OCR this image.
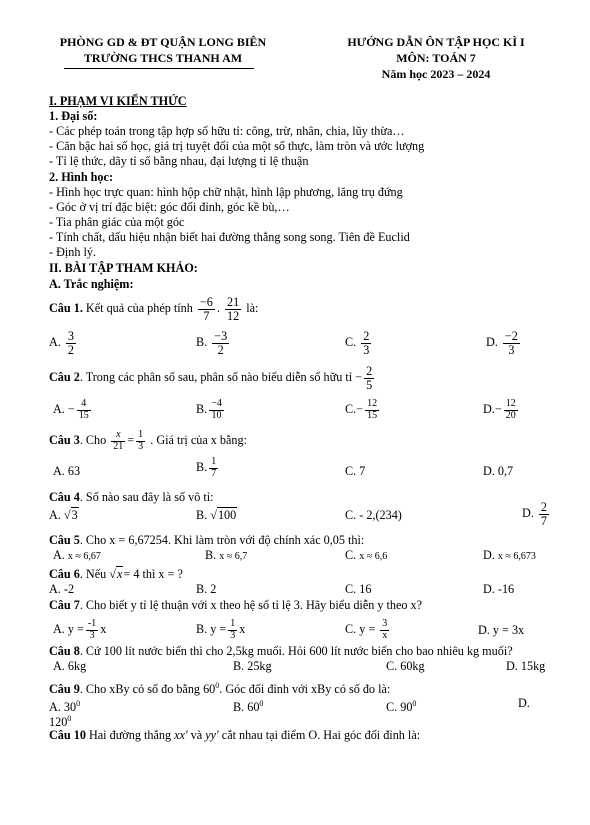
PHÒNG GD & ĐT QUẬN LONG BIÊN
TRƯỜNG THCS THANH AM
HƯỚNG DẪN ÔN TẬP HỌC KÌ I
MÔN: TOÁN 7
Năm học 2023 – 2024
I. PHẠM VI KIẾN THỨC
1. Đại số:
- Các phép toán trong tập hợp số hữu tỉ: công, trừ, nhân, chia, lũy thừa…
- Căn bậc hai số học, giá trị tuyệt đối của một số thực, làm tròn và ước lượng
- Tỉ lệ thức, dãy tỉ số bằng nhau, đại lượng tỉ lệ thuận
2. Hình học:
- Hình học trực quan: hình hộp chữ nhật, hình lập phương, lăng trụ đứng
- Góc ở vị trí đặc biệt: góc đối đỉnh, góc kề bù,…
- Tia phân giác của một góc
- Tính chất, dấu hiệu nhận biết hai đường thẳng song song. Tiên đề Euclid
- Định lý.
II. BÀI TẬP THAM KHẢO:
A. Trắc nghiệm:
Câu 1. Kết quả của phép tính $\frac{-6}{7}$ . $\frac{21}{12}$ là:
A. $\frac{3}{2}$	B. $\frac{-3}{2}$	C. $\frac{2}{3}$	D. $\frac{-2}{3}$
Câu 2. Trong các phân số sau, phân số nào biểu diễn số hữu tỉ − $\frac{2}{5}$
A. − $\frac{4}{15}$	B. $\frac{-4}{10}$	$C.- \frac{12}{15}$	$D.- \frac{12}{20}$
Câu 3. Cho $\frac{x}{21} = \frac{1}{3}$ . Giá trị của x bằng:
A. 63	B. $\frac{1}{7}$	C. 7	D. 0,7
Câu 4. Số nào sau đây là số vô tỉ:
A. √3	B. √100	C. - 2,(234)	D. $\frac{2}{7}$
Câu 5. Cho x = 6,67254. Khi làm tròn với độ chính xác 0,05 thì:
A. x ≈ 6,67	B. x ≈ 6,7	C. x ≈ 6,6	D. x ≈ 6,673
Câu 6. Nếu √x= 4 thì x = ?
A. -2	B. 2	C. 16	D. -16
Câu 7. Cho biết y tỉ lệ thuận với x theo hệ số tỉ lệ 3. Hãy biểu diễn y theo x?
A. $y = \frac{-1}{3}$ x	B. $y = \frac{1}{3}$ x	C. $y = \frac{3}{x}$	D. y = 3x
Câu 8. Cứ 100 lít nước biển thì cho 2,5kg muối. Hỏi 600 lít nước biển cho bao nhiêu kg muối?
A. 6kg	B. 25kg	C. 60kg	D. 15kg
Câu 9. Cho xBy có số đo bằng $60^0$. Góc đối đỉnh với xBy có số đo là:
A. $30^0$	B. $60^0$	C. $90^0$	D.
$120^0$
Câu 10 Hai đường thẳng xx′ và yy′ cắt nhau tại điểm O. Hai góc đối đỉnh là:
